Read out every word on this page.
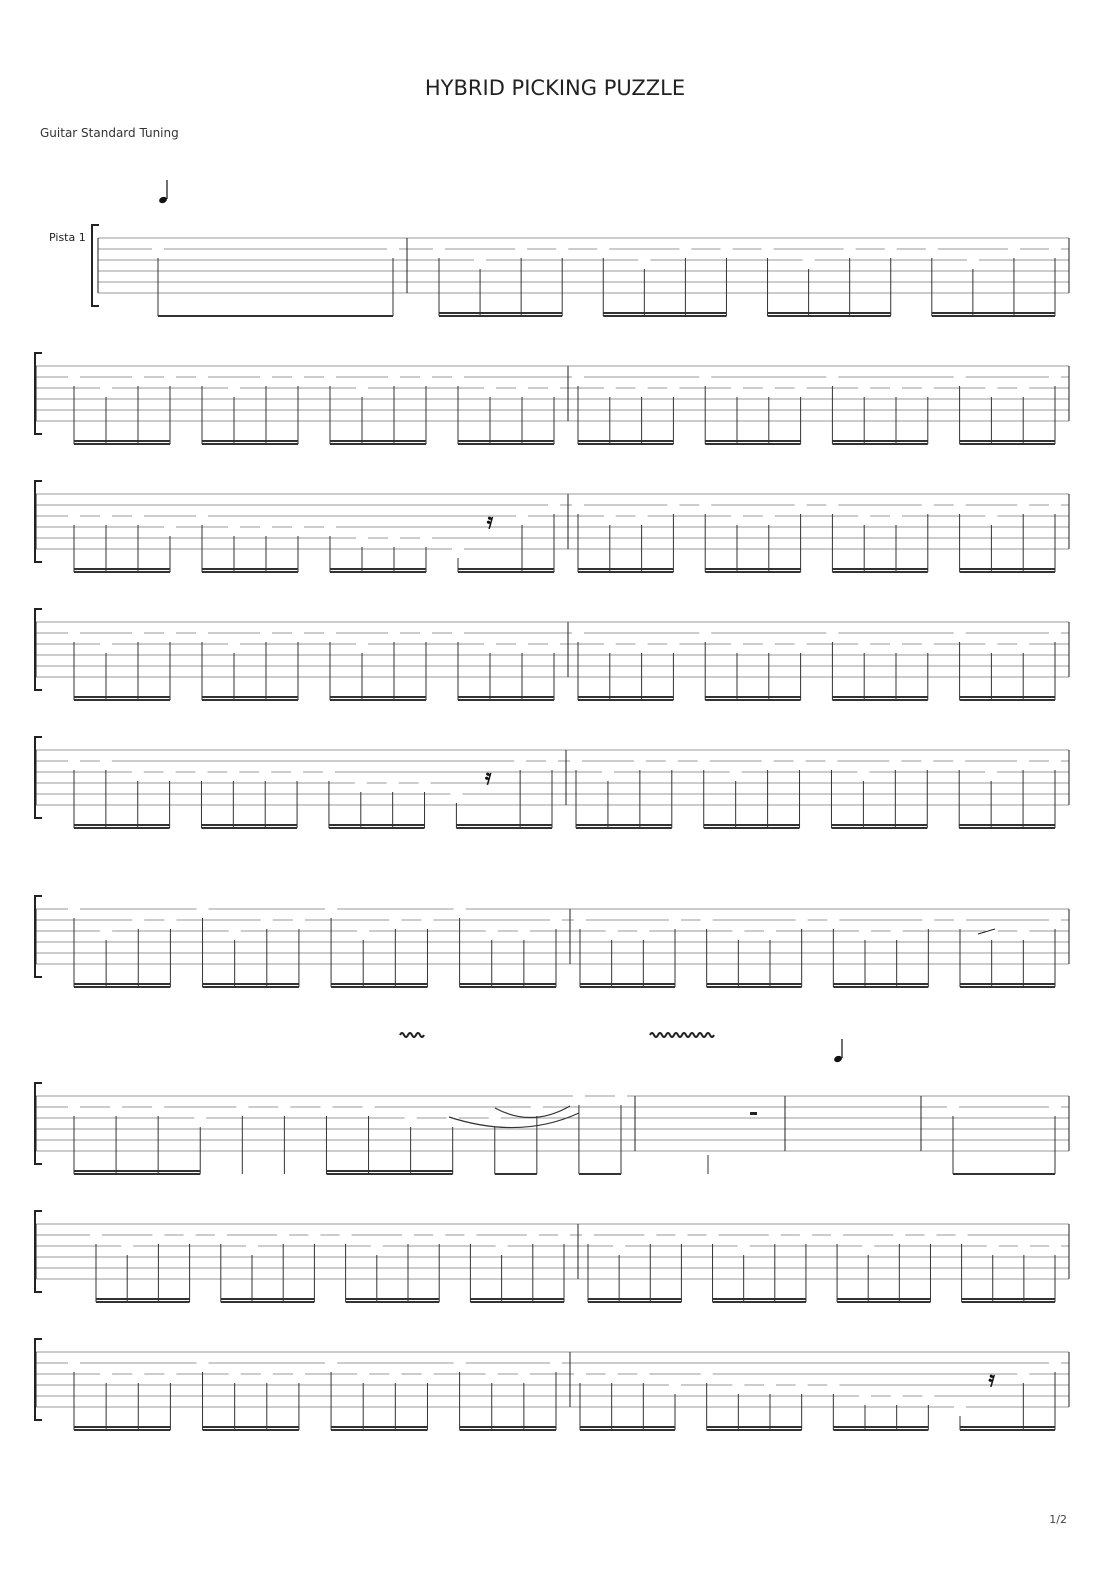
HYBRID PICKING PUZZLE
Guitar Standard Tuning
Pista 1
1/2
𝄿
𝄿
𝄿
